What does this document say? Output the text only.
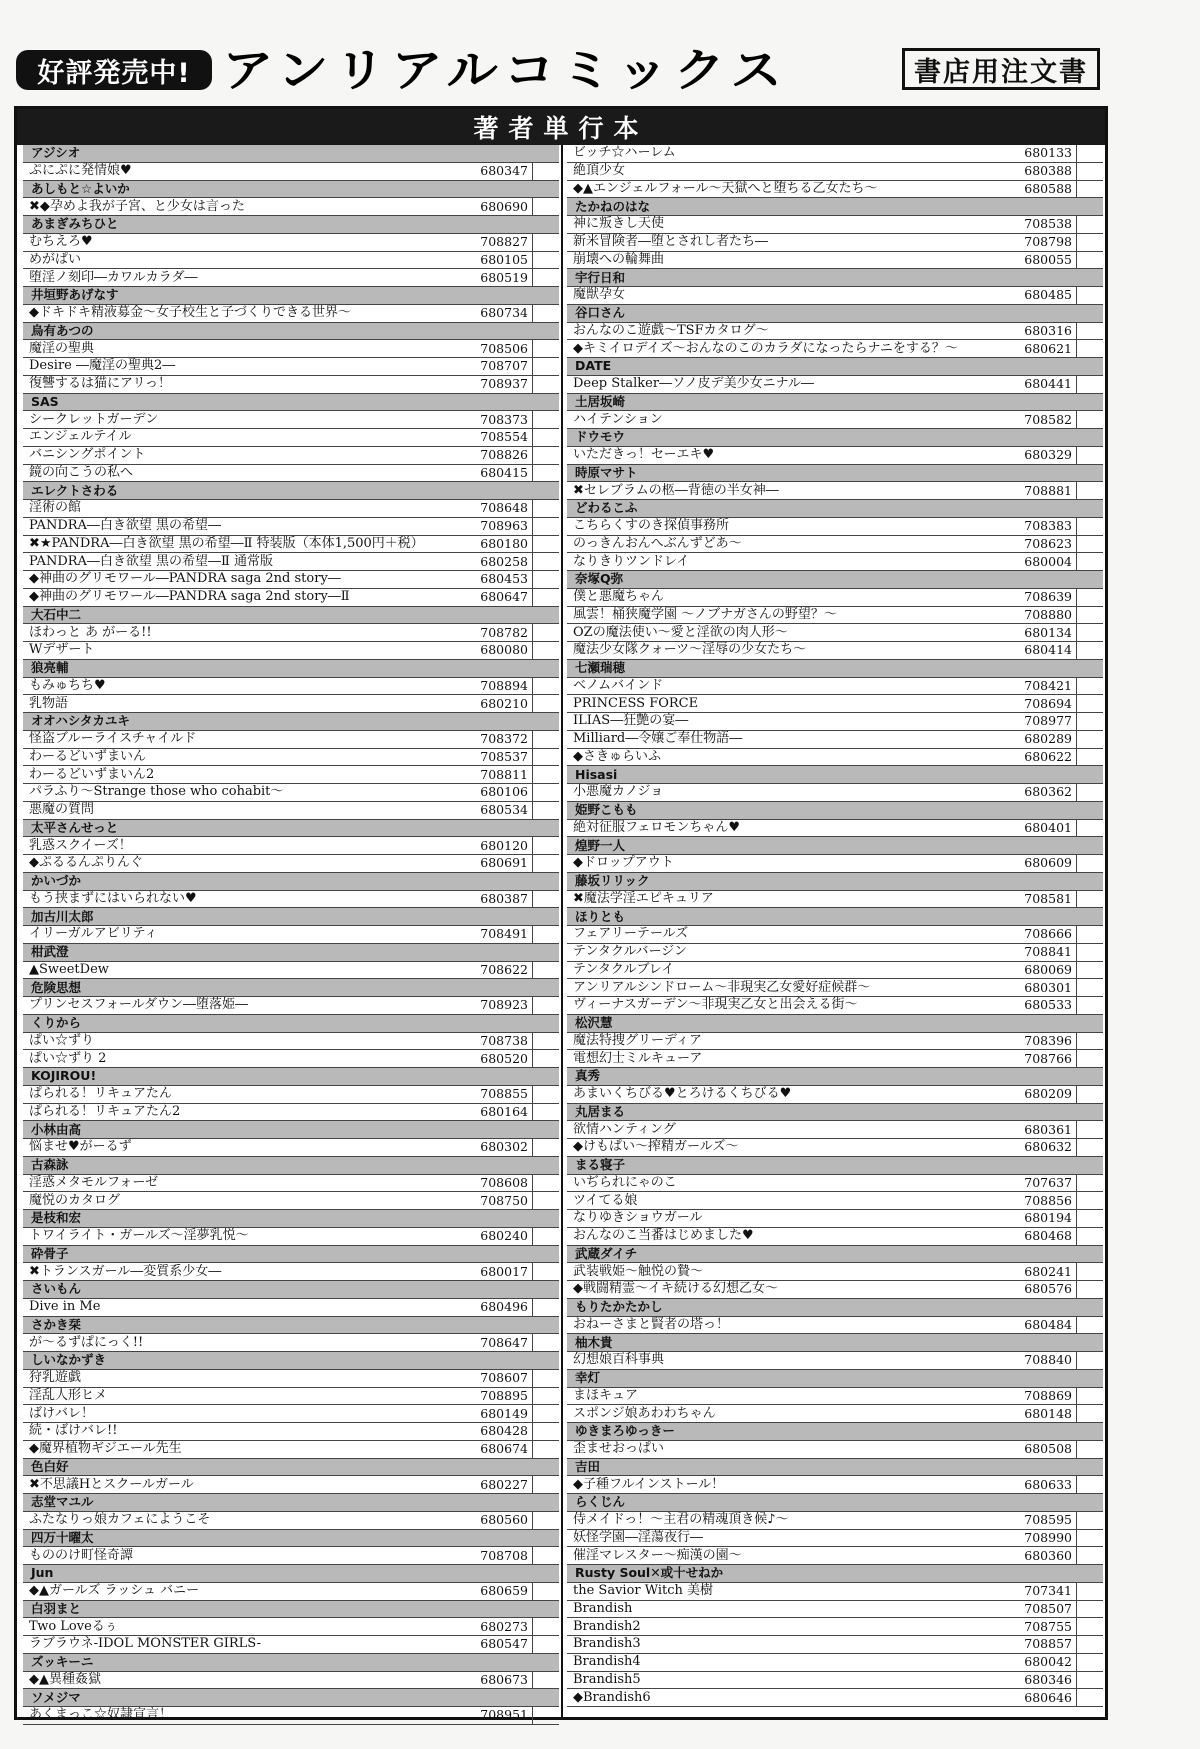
好評発売中! アンリアルコミックス	書店用注文書
著者単行本
アジシオ
ぷにぷに発情娘♥	680347
あしもと☆よいか
✖◆孕めよ我が子宮、と少女は言った	680690
あまぎみちひと
むちえろ♥	708827
めがぱい	680105
堕淫ノ刻印―カワルカラダ―	680519
井垣野あげなす
◆ドキドキ精液募金～女子校生と子づくりできる世界～	680734
烏有あつの
魔淫の聖典	708506
Desire ―魔淫の聖典2―	708707
復讐するは猫にアリっ！	708937
SAS
シークレットガーデン	708373
エンジェルテイル	708554
バニシングポイント	708826
鏡の向こうの私へ	680415
エレクトさわる
淫術の館	708648
PANDRA―白き欲望 黒の希望―	708963
✖★PANDRA―白き欲望 黒の希望―Ⅱ 特装版（本体1,500円＋税）	680180
PANDRA―白き欲望 黒の希望―Ⅱ 通常版	680258
◆神曲のグリモワール―PANDRA saga 2nd story―	680453
◆神曲のグリモワール―PANDRA saga 2nd story―Ⅱ	680647
大石中二
ほわっと あ がーる!!	708782
Wデザート	680080
狼亮輔
もみゅちち♥	708894
乳物語	680210
オオハシタカユキ
怪盗ブルーライスチャイルド	708372
わーるどいずまいん	708537
わーるどいずまいん2	708811
パラふり～Strange those who cohabit～	680106
悪魔の質問	680534
太平さんせっと
乳惑スクイーズ！	680120
◆ぷるるんぷりんぐ	680691
かいづか
もう挟まずにはいられない♥	680387
加古川太郎
イリーガルアビリティ	708491
柑武澄
▲SweetDew	708622
危険思想
プリンセスフォールダウン―堕落姫―	708923
くりから
ぱい☆ずり	708738
ぱい☆ずり 2	680520
KOJIROU!
ぱられる！リキュアたん	708855
ぱられる！リキュアたん2	680164
小林由高
悩ませ♥がーるず	680302
古森詠
淫惑メタモルフォーゼ	708608
魔悦のカタログ	708750
是枝和宏
トワイライト・ガールズ～淫夢乳悦～	680240
砕骨子
✖トランスガール―変質系少女―	680017
さいもん
Dive in Me	680496
さかき栞
が～るずぱにっく!!	708647
しいなかずき
狩乳遊戯	708607
淫乱人形ヒメ	708895
ばけバレ！	680149
続・ばけバレ!!	680428
◆魔界植物ギジエール先生	680674
色白好
✖不思議Hとスクールガール	680227
志堂マユル
ふたなりっ娘カフェにようこそ	680560
四万十曜太
もののけ町怪奇譚	708708
Jun
◆▲ガールズ ラッシュ バニー	680659
白羽まと
Two Loveるぅ	680273
ラブラウネ-IDOL MONSTER GIRLS-	680547
ズッキーニ
◆▲異種姦獄	680673
ソメジマ
あくまっこ☆奴隷宣言！	708951
ビッチ☆ハーレム	680133
絶頂少女	680388
◆▲エンジェルフォール～天獄へと堕ちる乙女たち～	680588
たかねのはな
神に叛きし天使	708538
新米冒険者―堕とされし者たち―	708798
崩壊への輪舞曲	680055
宇行日和
魔獣孕女	680485
谷口さん
おんなのこ遊戯～TSFカタログ～	680316
◆キミイロデイズ～おんなのこのカラダになったらナニをする？～	680621
DATE
Deep Stalker―ソノ皮デ美少女ニナル―	680441
土居坂崎
ハイテンション	708582
ドウモウ
いただきっ！セーエキ♥	680329
時原マサト
✖セレブラムの柩―背徳の半女神―	708881
どわるこふ
こちらくすのき探偵事務所	708383
のっきんおんへぶんずどあ～	708623
なりきりツンドレイ	680004
奈塚Q弥
僕と悪魔ちゃん	708639
風雲！桶狭魔学園 ～ノブナガさんの野望？～	708880
OZの魔法使い～愛と淫欲の肉人形～	680134
魔法少女隊クォーツ～淫辱の少女たち～	680414
七瀬瑞穂
ベノムバインド	708421
PRINCESS FORCE	708694
ILIAS―狂艶の宴―	708977
Milliard―令嬢ご奉仕物語―	680289
◆さきゅらいふ	680622
Hisasi
小悪魔カノジョ	680362
姫野こもも
絶対征服フェロモンちゃん♥	680401
煌野一人
◆ドロップアウト	680609
藤坂リリック
✖魔法学淫エピキュリア	708581
ほりとも
フェアリーテールズ	708666
テンタクルバージン	708841
テンタクルブレイ	680069
アンリアルシンドローム～非現実乙女愛好症候群～	680301
ヴィーナスガーデン～非現実乙女と出会える街～	680533
松沢慧
魔法特捜グリーディア	708396
電想幻士ミルキューア	708766
真秀
あまいくちびる♥とろけるくちびる♥	680209
丸居まる
欲情ハンティング	680361
◆けもぱい～搾精ガールズ～	680632
まる寝子
いぢられにゃのこ	707637
ツイてる娘	708856
なりゆきショウガール	680194
おんなのこ当番はじめました♥	680468
武蔵ダイチ
武装戦姫～触悦の贄～	680241
◆戦闘精霊～イキ続ける幻想乙女～	680576
もりたかたかし
おねーさまと賢者の塔っ！	680484
柚木貴
幻想娘百科事典	708840
幸灯
まほキュア	708869
スポンジ娘あわわちゃん	680148
ゆきまろゆっきー
歪ませおっぱい	680508
吉田
◆子種フルインストール！	680633
らくじん
侍メイドっ！～主君の精魂頂き候♪～	708595
妖怪学園―淫蕩夜行―	708990
催淫マレスター～痴漢の園～	680360
Rusty Soul✕或十せねか
the Savior Witch 美樹	707341
Brandish	708507
Brandish2	708755
Brandish3	708857
Brandish4	680042
Brandish5	680346
◆Brandish6	680646
